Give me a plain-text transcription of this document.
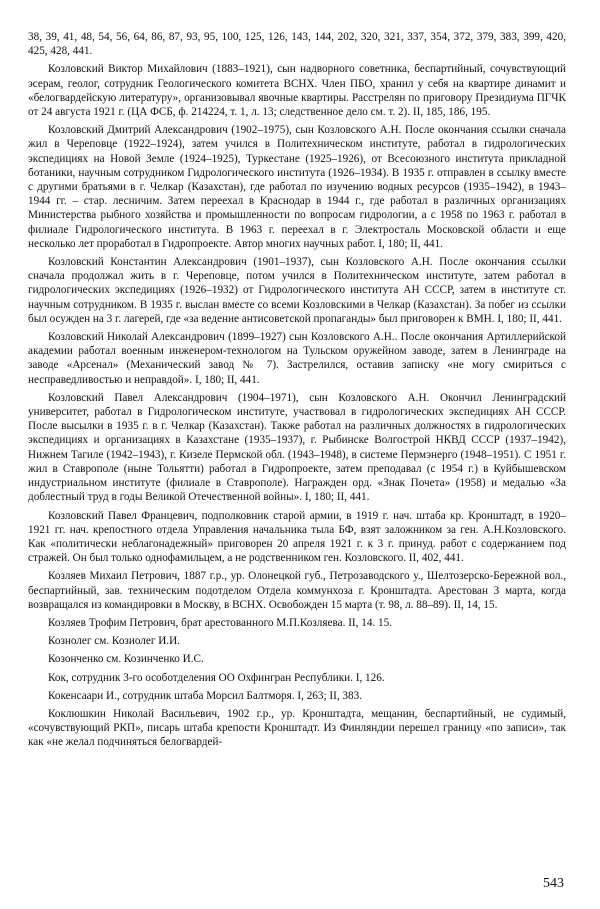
38, 39, 41, 48, 54, 56, 64, 86, 87, 93, 95, 100, 125, 126, 143, 144, 202, 320, 321, 337, 354, 372, 379, 383, 399, 420, 425, 428, 441.

Козловский Виктор Михайлович (1883–1921), сын надворного советника, беспартийный, сочувствующий эсерам, геолог, сотрудник Геологического комитета ВСНХ. Член ПБО, хранил у себя на квартире динамит и «белогвардейскую литературу», организовывал явочные квартиры. Расстрелян по приговору Президиума ПГЧК от 24 августа 1921 г. (ЦА ФСБ, ф. 214224, т. 1, л. 13; следственное дело см. т. 2). II, 185, 186, 195.

Козловский Дмитрий Александрович (1902–1975), сын Козловского А.Н. После окончания ссылки сначала жил в Череповце (1922–1924), затем учился в Политехническом институте, работал в гидрологических экспедициях на Новой Земле (1924–1925), Туркестане (1925–1926), от Всесоюзного института прикладной ботаники, научным сотрудником Гидрологического института (1926–1934). В 1935 г. отправлен в ссылку вместе с другими братьями в г. Челкар (Казахстан), где работал по изучению водных ресурсов (1935–1942), в 1943–1944 гг. – стар. лесничим. Затем переехал в Краснодар в 1944 г., где работал в различных организациях Министерства рыбного хозяйства и промышленности по вопросам гидрологии, а с 1958 по 1963 г. работал в филиале Гидрологического института. В 1963 г. переехал в г. Электросталь Московской области и еще несколько лет проработал в Гидропроекте. Автор многих научных работ. I, 180; II, 441.

Козловский Константин Александрович (1901–1937), сын Козловского А.Н. После окончания ссылки сначала продолжал жить в г. Череповце, потом учился в Политехническом институте, затем работал в гидрологических экспедициях (1926–1932) от Гидрологического института АН СССР, затем в институте ст. научным сотрудником. В 1935 г. выслан вместе со всеми Козловскими в Челкар (Казахстан). За побег из ссылки был осужден на 3 г. лагерей, где «за ведение антисоветской пропаганды» был приговорен к ВМН. I, 180; II, 441.

Козловский Николай Александрович (1899–1927) сын Козловского А.Н.. После окончания Артиллерийской академии работал военным инженером-технологом на Тульском оружейном заводе, затем в Ленинграде на заводе «Арсенал» (Механический завод № 7). Застрелился, оставив записку «не могу смириться с несправедливостью и неправдой». I, 180; II, 441.

Козловский Павел Александрович (1904–1971), сын Козловского А.Н. Окончил Ленинградский университет, работал в Гидрологическом институте, участвовал в гидрологических экспедициях АН СССР. После высылки в 1935 г. в г. Челкар (Казахстан). Также работал на различных должностях в гидрологических экспедициях и организациях в Казахстане (1935–1937), г. Рыбинске Волгострой НКВД СССР (1937–1942), Нижнем Тагиле (1942–1943), г. Кизеле Пермской обл. (1943–1948), в системе Пермэнерго (1948–1951). С 1951 г. жил в Ставрополе (ныне Тольятти) работал в Гидропроекте, затем преподавал (с 1954 г.) в Куйбышевском индустриальном институте (филиале в Ставрополе). Награжден орд. «Знак Почета» (1958) и медалью «За доблестный труд в годы Великой Отечественной войны». I, 180; II, 441.

Козловский Павел Францевич, подполковник старой армии, в 1919 г. нач. штаба кр. Кронштадт, в 1920–1921 гг. нач. крепостного отдела Управления начальника тыла БФ, взят заложником за ген. А.Н.Козловского. Как «политически неблагонадежный» приговорен 20 апреля 1921 г. к 3 г. принуд. работ с содержанием под стражей. Он был только однофамильцем, а не родственником ген. Козловского. II, 402, 441.

Козляев Михаил Петрович, 1887 г.р., ур. Олонецкой губ., Петрозаводского у., Шелтозерско-Бережной вол., беспартийный, зав. техническим подотделом Отдела коммунхоза г. Кронштадта. Арестован 3 марта, когда возвращался из командировки в Москву, в ВСНХ. Освобожден 15 марта (т. 98, л. 88–89). II, 14, 15.

Козляев Трофим Петрович, брат арестованного М.П.Козляева. II, 14. 15.

Кознолег см. Козиолег И.И.

Козонченко см. Козинченко И.С.

Кок, сотрудник 3-го особотделения ОО Охфингран Республики. I, 126.

Кокенсаари И., сотрудник штаба Морсил Балтморя. I, 263; II, 383.

Коклюшкин Николай Васильевич, 1902 г.р., ур. Кронштадта, мещанин, беспартийный, не судимый, «сочувствующий РКП», писарь штаба крепости Кронштадт. Из Финляндии перешел границу «по записи», так как «не желал подчиняться белогвардей-

543
